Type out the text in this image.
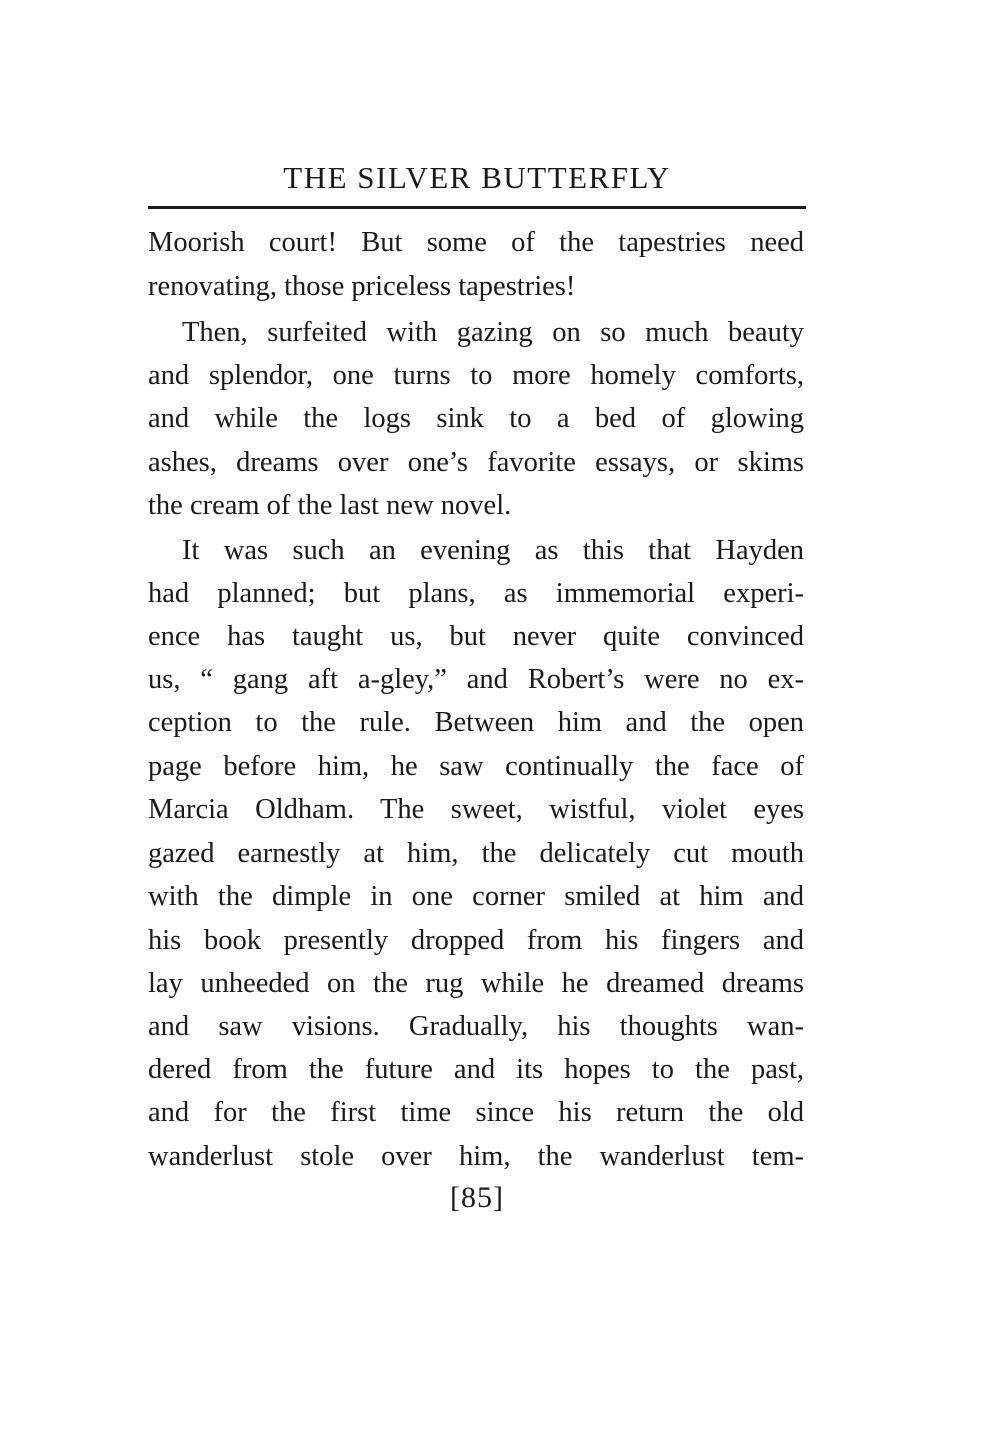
THE SILVER BUTTERFLY
Moorish court! But some of the tapestries need
renovating, those priceless tapestries!
Then, surfeited with gazing on so much beauty
and splendor, one turns to more homely comforts,
and while the logs sink to a bed of glowing
ashes, dreams over one’s favorite essays, or skims
the cream of the last new novel.
It was such an evening as this that Hayden
had planned; but plans, as immemorial experi-
ence has taught us, but never quite convinced
us, “ gang aft a-gley,” and Robert’s were no ex-
ception to the rule. Between him and the open
page before him, he saw continually the face of
Marcia Oldham. The sweet, wistful, violet eyes
gazed earnestly at him, the delicately cut mouth
with the dimple in one corner smiled at him and
his book presently dropped from his fingers and
lay unheeded on the rug while he dreamed dreams
and saw visions. Gradually, his thoughts wan-
dered from the future and its hopes to the past,
and for the first time since his return the old
wanderlust stole over him, the wanderlust tem-
[85]
